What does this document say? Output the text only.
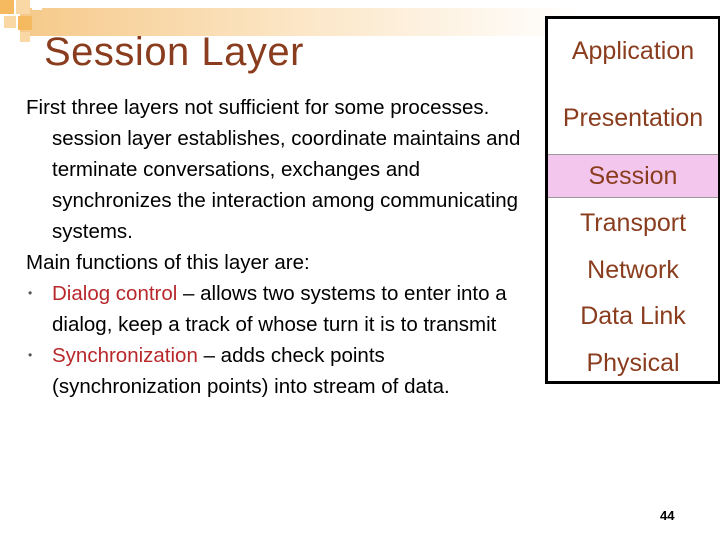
Session Layer

First three layers not sufficient for some processes. session layer establishes, coordinate maintains and terminate conversations, exchanges and synchronizes the interaction among communicating systems.

Main functions of this layer are:

• Dialog control – allows two systems to enter into a dialog, keep a track of whose turn it is to transmit
• Synchronization – adds check points (synchronization points) into stream of data.
Application
Presentation
Session
Transport
Network
Data Link
Physical
44
